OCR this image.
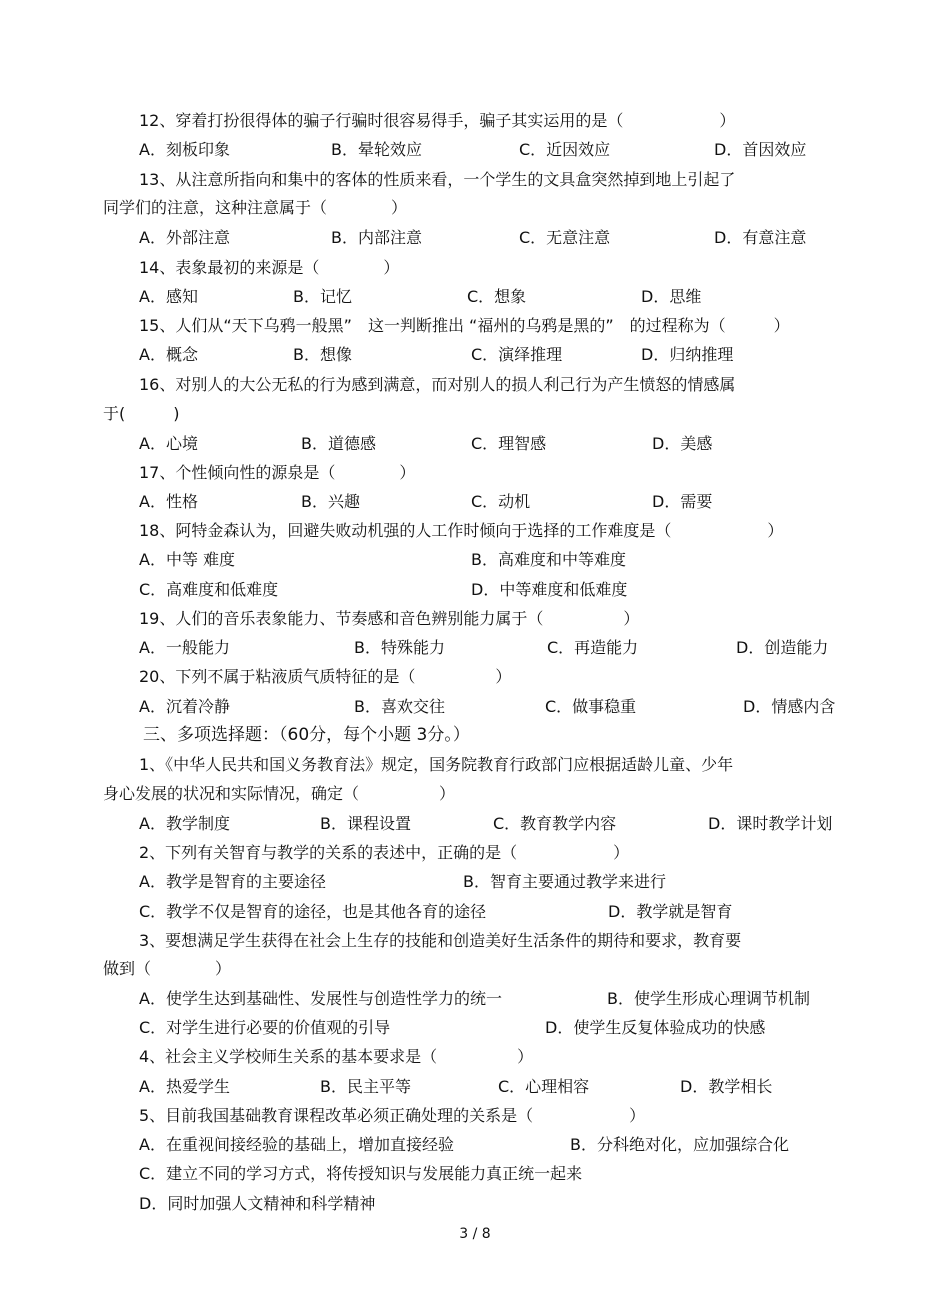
12、穿着打扮很得体的骗子行骗时很容易得手，骗子其实运用的是（　　　　　　）
A．刻板印象	B．晕轮效应	C．近因效应	D．首因效应
13、从注意所指向和集中的客体的性质来看，一个学生的文具盒突然掉到地上引起了
同学们的注意，这种注意属于（　　　　）
A．外部注意	B．内部注意	C．无意注意	D．有意注意
14、表象最初的来源是（　　　　）
A．感知	B．记忆	C．想象	D．思维
15、人们从“天下乌鸦一般黑”　这一判断推出 “福州的乌鸦是黑的”　的过程称为（　　　）
A．概念	B．想像	C．演绎推理	D．归纳推理
16、对别人的大公无私的行为感到满意，而对别人的损人利己行为产生愤怒的情感属
于(　　　)
A．心境	B．道德感	C．理智感	D．美感
17、个性倾向性的源泉是（　　　　）
A．性格	B．兴趣	C．动机	D．需要
18、阿特金森认为，回避失败动机强的人工作时倾向于选择的工作难度是（　　　　　　）
A．中等 难度	B．高难度和中等难度
C．高难度和低难度	D．中等难度和低难度
19、人们的音乐表象能力、节奏感和音色辨别能力属于（　　　　　）
A．一般能力	B．特殊能力	C．再造能力	D．创造能力
20、下列不属于粘液质气质特征的是（　　　　　）
A．沉着冷静	B．喜欢交往	C．做事稳重	D．情感内含
三、多项选择题：（60分，每个小题 3分。）
1、《中华人民共和国义务教育法》规定，国务院教育行政部门应根据适龄儿童、少年
身心发展的状况和实际情况，确定（　　　　　）
A．教学制度	B．课程设置	C．教育教学内容	D．课时教学计划
2、下列有关智育与教学的关系的表述中，正确的是（　　　　　　）
A．教学是智育的主要途径	B．智育主要通过教学来进行
C．教学不仅是智育的途径，也是其他各育的途径	D．教学就是智育
3、要想满足学生获得在社会上生存的技能和创造美好生活条件的期待和要求，教育要
做到（　　　　）
A．使学生达到基础性、发展性与创造性学力的统一	B．使学生形成心理调节机制
C．对学生进行必要的价值观的引导	D．使学生反复体验成功的快感
4、社会主义学校师生关系的基本要求是（　　　　　）
A．热爱学生	B．民主平等	C．心理相容	D．教学相长
5、目前我国基础教育课程改革必须正确处理的关系是（　　　　　　）
A．在重视间接经验的基础上，增加直接经验	B．分科绝对化，应加强综合化
C．建立不同的学习方式，将传授知识与发展能力真正统一起来
D．同时加强人文精神和科学精神
3 / 8
